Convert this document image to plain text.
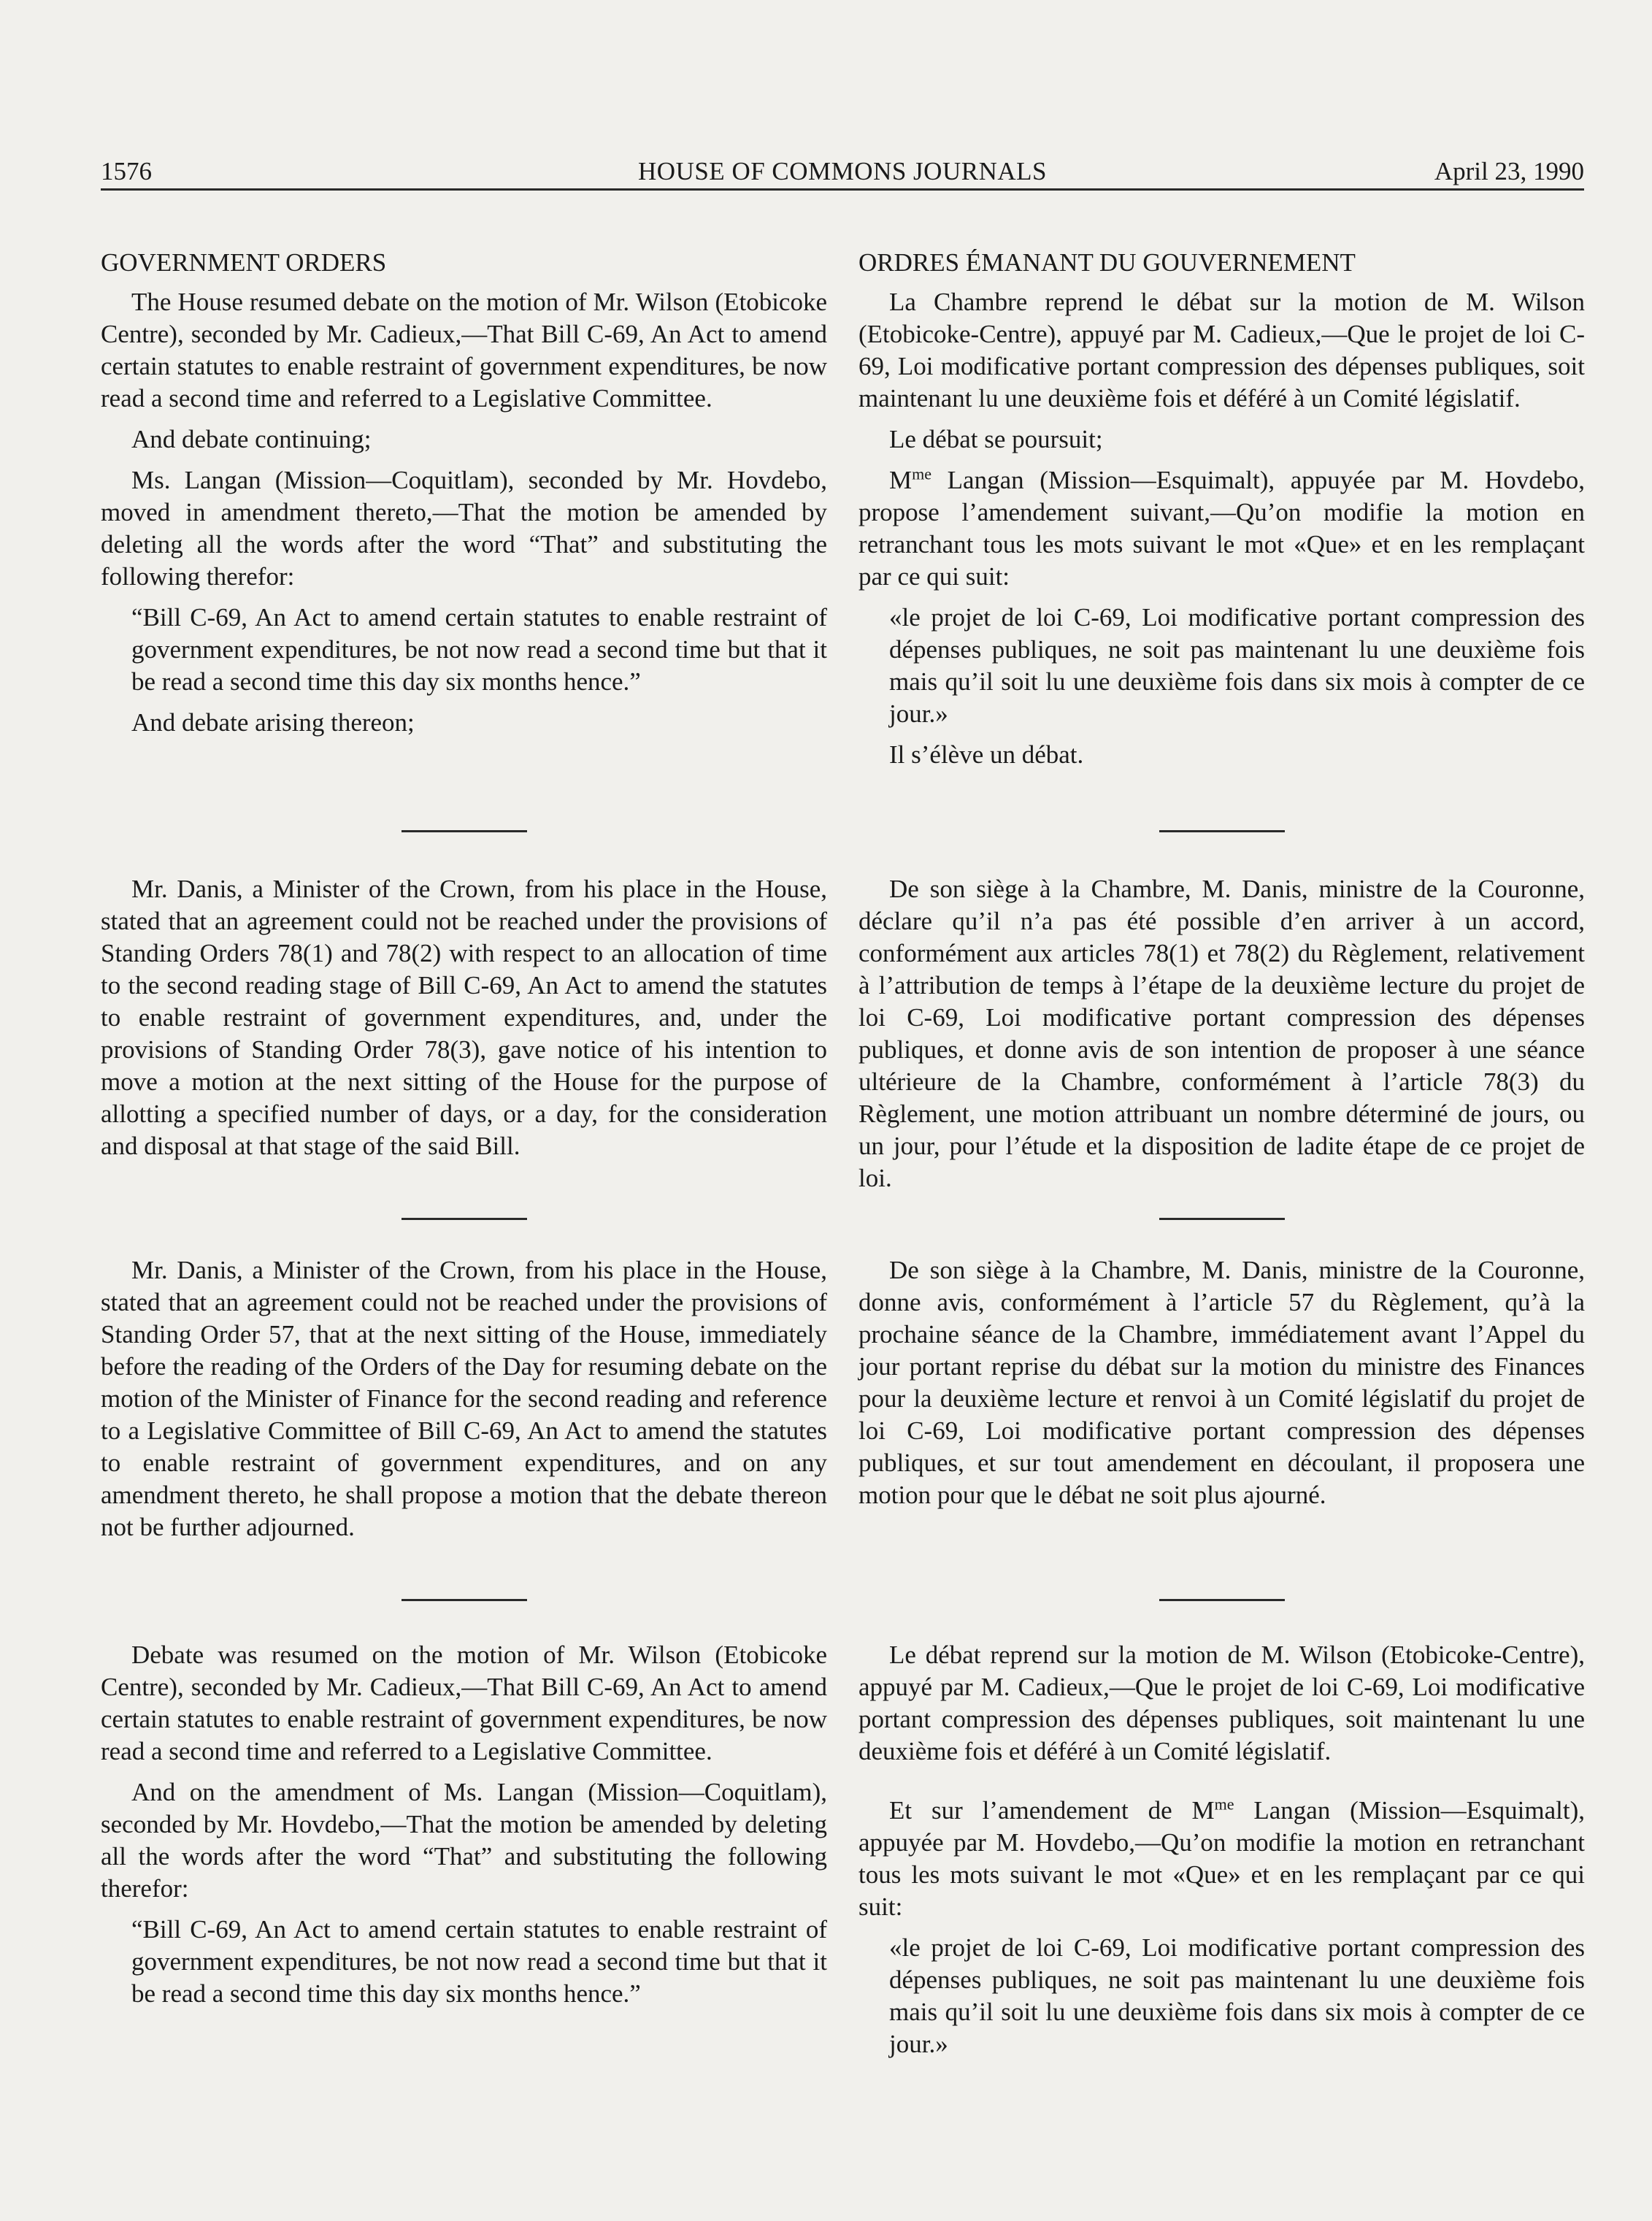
1576	HOUSE OF COMMONS JOURNALS	April 23, 1990
GOVERNMENT ORDERS

The House resumed debate on the motion of Mr. Wilson (Etobicoke Centre), seconded by Mr. Cadieux,—That Bill C-69, An Act to amend certain statutes to enable restraint of government expenditures, be now read a second time and referred to a Legislative Committee.

And debate continuing;

Ms. Langan (Mission—Coquitlam), seconded by Mr. Hovdebo, moved in amendment thereto,—That the motion be amended by deleting all the words after the word “That” and substituting the following therefor:

“Bill C-69, An Act to amend certain statutes to enable restraint of government expenditures, be not now read a second time but that it be read a second time this day six months hence.”

And debate arising thereon;

Mr. Danis, a Minister of the Crown, from his place in the House, stated that an agreement could not be reached under the provisions of Standing Orders 78(1) and 78(2) with respect to an allocation of time to the second reading stage of Bill C-69, An Act to amend the statutes to enable restraint of government expenditures, and, under the provisions of Standing Order 78(3), gave notice of his intention to move a motion at the next sitting of the House for the purpose of allotting a specified number of days, or a day, for the consideration and disposal at that stage of the said Bill.

Mr. Danis, a Minister of the Crown, from his place in the House, stated that an agreement could not be reached under the provisions of Standing Order 57, that at the next sitting of the House, immediately before the reading of the Orders of the Day for resuming debate on the motion of the Minister of Finance for the second reading and reference to a Legislative Committee of Bill C-69, An Act to amend the statutes to enable restraint of government expenditures, and on any amendment thereto, he shall propose a motion that the debate thereon not be further adjourned.

Debate was resumed on the motion of Mr. Wilson (Etobicoke Centre), seconded by Mr. Cadieux,—That Bill C-69, An Act to amend certain statutes to enable restraint of government expenditures, be now read a second time and referred to a Legislative Committee.

And on the amendment of Ms. Langan (Mission—Coquitlam), seconded by Mr. Hovdebo,—That the motion be amended by deleting all the words after the word “That” and substituting the following therefor:

“Bill C-69, An Act to amend certain statutes to enable restraint of government expenditures, be not now read a second time but that it be read a second time this day six months hence.”

ORDRES ÉMANANT DU GOUVERNEMENT

La Chambre reprend le débat sur la motion de M. Wilson (Etobicoke-Centre), appuyé par M. Cadieux,—Que le projet de loi C-69, Loi modificative portant compression des dépenses publiques, soit maintenant lu une deuxième fois et déféré à un Comité législatif.

Le débat se poursuit;

$M^{me}$ Langan (Mission—Esquimalt), appuyée par M. Hovdebo, propose l’amendement suivant,—Qu’on modifie la motion en retranchant tous les mots suivant le mot «Que» et en les remplaçant par ce qui suit:

«le projet de loi C-69, Loi modificative portant compression des dépenses publiques, ne soit pas maintenant lu une deuxième fois mais qu’il soit lu une deuxième fois dans six mois à compter de ce jour.»

Il s’élève un débat.

De son siège à la Chambre, M. Danis, ministre de la Couronne, déclare qu’il n’a pas été possible d’en arriver à un accord, conformément aux articles 78(1) et 78(2) du Règlement, relativement à l’attribution de temps à l’étape de la deuxième lecture du projet de loi C-69, Loi modificative portant compression des dépenses publiques, et donne avis de son intention de proposer à une séance ultérieure de la Chambre, conformément à l’article 78(3) du Règlement, une motion attribuant un nombre déterminé de jours, ou un jour, pour l’étude et la disposition de ladite étape de ce projet de loi.

De son siège à la Chambre, M. Danis, ministre de la Couronne, donne avis, conformément à l’article 57 du Règlement, qu’à la prochaine séance de la Chambre, immédiatement avant l’Appel du jour portant reprise du débat sur la motion du ministre des Finances pour la deuxième lecture et renvoi à un Comité législatif du projet de loi C-69, Loi modificative portant compression des dépenses publiques, et sur tout amendement en découlant, il proposera une motion pour que le débat ne soit plus ajourné.

Le débat reprend sur la motion de M. Wilson (Etobicoke-Centre), appuyé par M. Cadieux,—Que le projet de loi C-69, Loi modificative portant compression des dépenses publiques, soit maintenant lu une deuxième fois et déféré à un Comité législatif.

Et sur l’amendement de $M^{me}$ Langan (Mission—Esquimalt), appuyée par M. Hovdebo,—Qu’on modifie la motion en retranchant tous les mots suivant le mot «Que» et en les remplaçant par ce qui suit:

«le projet de loi C-69, Loi modificative portant compression des dépenses publiques, ne soit pas maintenant lu une deuxième fois mais qu’il soit lu une deuxième fois dans six mois à compter de ce jour.»
